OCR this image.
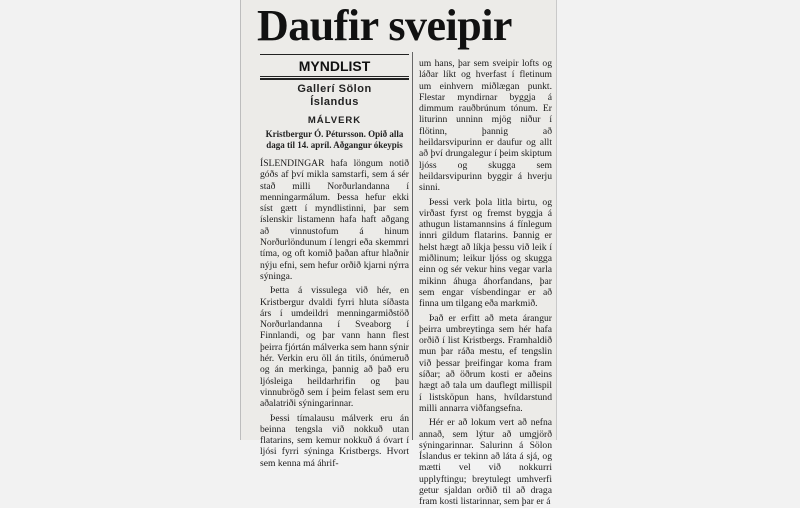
Daufir sveipir
MYNDLIST
Gallerí Sölon
Íslandus
MÁLVERK
Kristbergur Ó. Pétursson. Opið alla daga til 14. apríl. Aðgangur ókeypis

ÍSLENDINGAR hafa löngum notið góðs af því mikla samstarfi, sem á sér stað milli Norðurlandanna í menningarmálum. Þessa hefur ekki síst gætt í myndlistinni, þar sem íslenskir listamenn hafa haft aðgang að vinnustofum á hinum Norðurlöndunum í lengri eða skemmri tíma, og oft komið þaðan aftur hlaðnir nýju efni, sem hefur orðið kjarni nýrra sýninga.

Þetta á vissulega við hér, en Kristbergur dvaldi fyrri hluta síðasta árs í umdeildri menningarmiðstöð Norðurlandanna í Sveaborg í Finnlandi, og þar vann hann flest þeirra fjórtán málverka sem hann sýnir hér. Verkin eru öll án titils, ónúmeruð og án merkinga, þannig að það eru ljósleiga heildarhrifin og þau vinnubrögð sem í þeim felast sem eru aðalatriði sýningarinnar.

Þessi tímalausu málverk eru án beinna tengsla við nokkuð utan flatarins, sem kemur nokkuð á óvart í ljósi fyrri sýninga Kristbergs. Hvort sem kenna má áhrif-

um hans, þar sem sveipir lofts og láðar líkt og hverfast í fletinum um einhvern miðlægan punkt. Flestar myndirnar byggja á dimmum rauðbrúnum tónum. Er liturinn unninn mjög niður í flötinn, þannig að heildarsvipurinn er daufur og allt að því drungalegur í þeim skiptum ljóss og skugga sem heildarsvipurinn byggir á hverju sinni.

Þessi verk þola litla birtu, og virðast fyrst og fremst byggja á athugun listamannsins á fínlegum innri gildum flatarins. Þannig er helst hægt að líkja þessu við leik í miðlinum; leikur ljóss og skugga einn og sér vekur hins vegar varla mikinn áhuga áhorfandans, þar sem engar vísbendingar er að finna um tilgang eða markmið.

Það er erfitt að meta árangur þeirra umbreytinga sem hér hafa orðið í list Kristbergs. Framhaldið mun þar ráða mestu, ef tengslin við þessar þreifingar koma fram síðar; að öðrum kosti er aðeins hægt að tala um dauflegt millispil í listsköpun hans, hvíldarstund milli annarra viðfangsefna.

Hér er að lokum vert að nefna annað, sem lýtur að umgjörð sýningarinnar. Salurinn á Sölon Íslandus er tekinn að láta á sjá, og mætti vel við nokkurri upplyftingu; breytulegt umhverfi getur sjaldan orðið til að draga fram kosti listarinnar, sem þar er á
